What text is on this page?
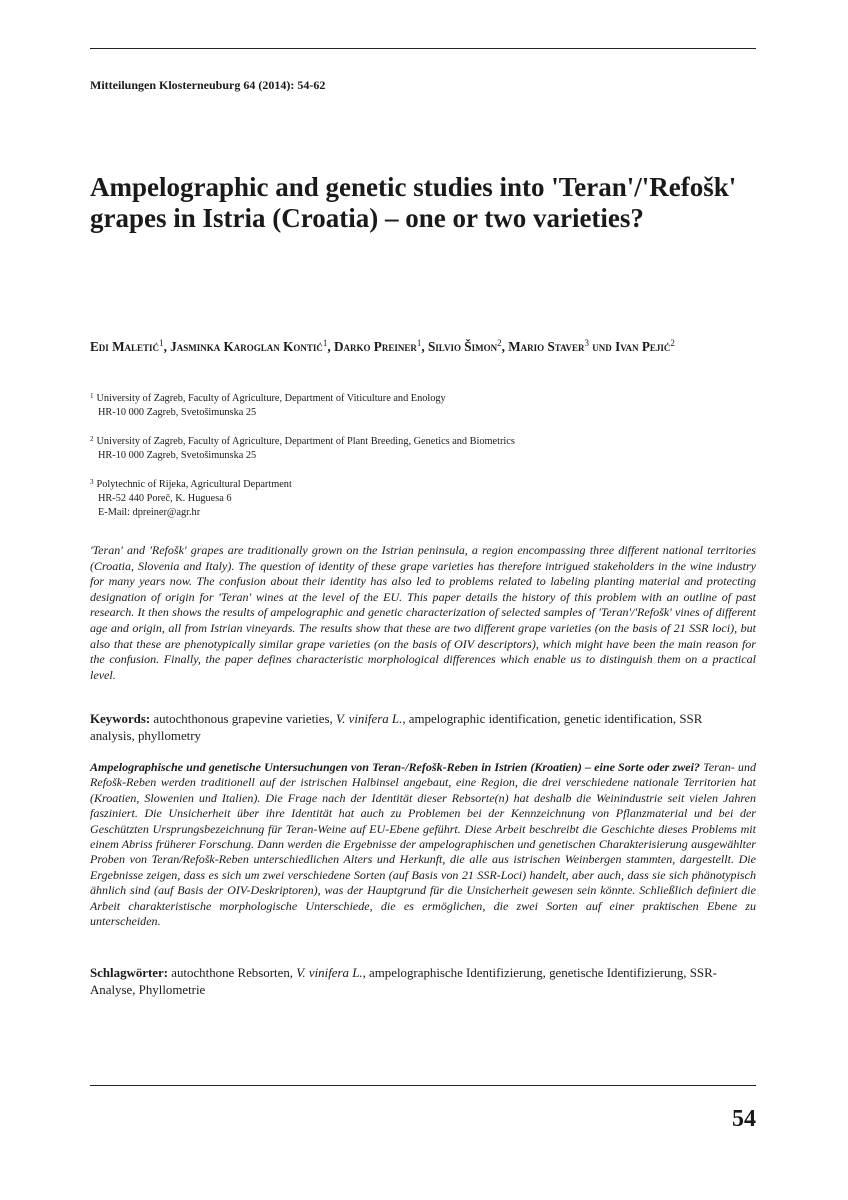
Mitteilungen Klosterneuburg 64 (2014): 54-62
Ampelographic and genetic studies into 'Teran'/'Refošk' grapes in Istria (Croatia) – one or two varieties?
Edi Maletić$^1$, Jasminka Karoglan Kontić$^1$, Darko Preiner$^1$, Silvio Šimon$^2$, Mario Staver$^3$ und Ivan Pejić$^2$
$^1$ University of Zagreb, Faculty of Agriculture, Department of Viticulture and Enology
HR-10 000 Zagreb, Svetošimunska 25
$^2$ University of Zagreb, Faculty of Agriculture, Department of Plant Breeding, Genetics and Biometrics
HR-10 000 Zagreb, Svetošimunska 25
$^3$ Polytechnic of Rijeka, Agricultural Department
HR-52 440 Poreč, K. Huguesa 6
E-Mail: dpreiner@agr.hr

'Teran' and 'Refošk' grapes are traditionally grown on the Istrian peninsula, a region encompassing three different national territories (Croatia, Slovenia and Italy). The question of identity of these grape varieties has therefore intrigued stakeholders in the wine industry for many years now. The confusion about their identity has also led to problems related to labeling planting material and protecting designation of origin for 'Teran' wines at the level of the EU. This paper details the history of this problem with an outline of past research. It then shows the results of ampelographic and genetic characterization of selected samples of 'Teran'/'Refošk' vines of different age and origin, all from Istrian vineyards. The results show that these are two different grape varieties (on the basis of 21 SSR loci), but also that these are phenotypically similar grape varieties (on the basis of OIV descriptors), which might have been the main reason for the confusion. Finally, the paper defines characteristic morphological differences which enable us to distinguish them on a practical level.

Keywords: autochthonous grapevine varieties, V. vinifera L., ampelographic identification, genetic identification, SSR analysis, phyllometry

Ampelographische und genetische Untersuchungen von Teran-/Refošk-Reben in Istrien (Kroatien) – eine Sorte oder zwei? Teran- und Refošk-Reben werden traditionell auf der istrischen Halbinsel angebaut, eine Region, die drei verschiedene nationale Territorien hat (Kroatien, Slowenien und Italien). Die Frage nach der Identität dieser Rebsorte(n) hat deshalb die Weinindustrie seit vielen Jahren fasziniert. Die Unsicherheit über ihre Identität hat auch zu Problemen bei der Kennzeichnung von Pflanzmaterial und bei der Geschützten Ursprungsbezeichnung für Teran-Weine auf EU-Ebene geführt. Diese Arbeit beschreibt die Geschichte dieses Problems mit einem Abriss früherer Forschung. Dann werden die Ergebnisse der ampelographischen und genetischen Charakterisierung ausgewählter Proben von Teran/Refošk-Reben unterschiedlichen Alters und Herkunft, die alle aus istrischen Weinbergen stammten, dargestellt. Die Ergebnisse zeigen, dass es sich um zwei verschiedene Sorten (auf Basis von 21 SSR-Loci) handelt, aber auch, dass sie sich phänotypisch ähnlich sind (auf Basis der OIV-Deskriptoren), was der Hauptgrund für die Unsicherheit gewesen sein könnte. Schließlich definiert die Arbeit charakteristische morphologische Unterschiede, die es ermöglichen, die zwei Sorten auf einer praktischen Ebene zu unterscheiden.

Schlagwörter: autochthone Rebsorten, V. vinifera L., ampelographische Identifizierung, genetische Identifizierung, SSR-Analyse, Phyllometrie

54
